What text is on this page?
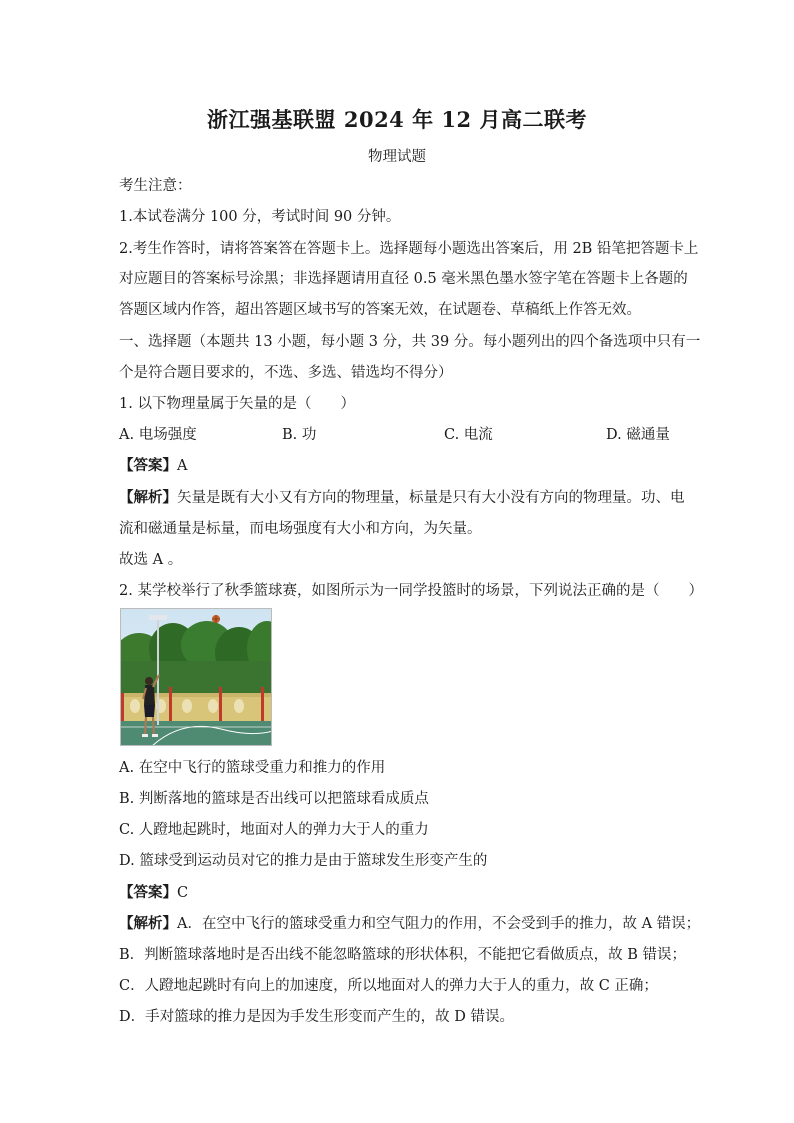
浙江强基联盟 2024 年 12 月高二联考
物理试题
考生注意：
1.本试卷满分 100 分，考试时间 90 分钟。
2.考生作答时，请将答案答在答题卡上。选择题每小题选出答案后，用 2B 铅笔把答题卡上
对应题目的答案标号涂黑；非选择题请用直径 0.5 毫米黑色墨水签字笔在答题卡上各题的
答题区域内作答，超出答题区域书写的答案无效，在试题卷、草稿纸上作答无效。
一、选择题（本题共 13 小题，每小题 3 分，共 39 分。每小题列出的四个备选项中只有一
个是符合题目要求的，不选、多选、错选均不得分）
1. 以下物理量属于矢量的是（　　）
A. 电场强度	B. 功	C. 电流	D. 磁通量
【答案】A
【解析】矢量是既有大小又有方向的物理量，标量是只有大小没有方向的物理量。功、电
流和磁通量是标量，而电场强度有大小和方向，为矢量。
故选 A 。
2. 某学校举行了秋季篮球赛，如图所示为一同学投篮时的场景，下列说法正确的是（　　）
A. 在空中飞行的篮球受重力和推力的作用
B. 判断落地的篮球是否出线可以把篮球看成质点
C. 人蹬地起跳时，地面对人的弹力大于人的重力
D. 篮球受到运动员对它的推力是由于篮球发生形变产生的
【答案】C
【解析】A．在空中飞行的篮球受重力和空气阻力的作用，不会受到手的推力，故 A 错误；
B．判断篮球落地时是否出线不能忽略篮球的形状体积，不能把它看做质点，故 B 错误；
C．人蹬地起跳时有向上的加速度，所以地面对人的弹力大于人的重力，故 C 正确；
D．手对篮球的推力是因为手发生形变而产生的，故 D 错误。
